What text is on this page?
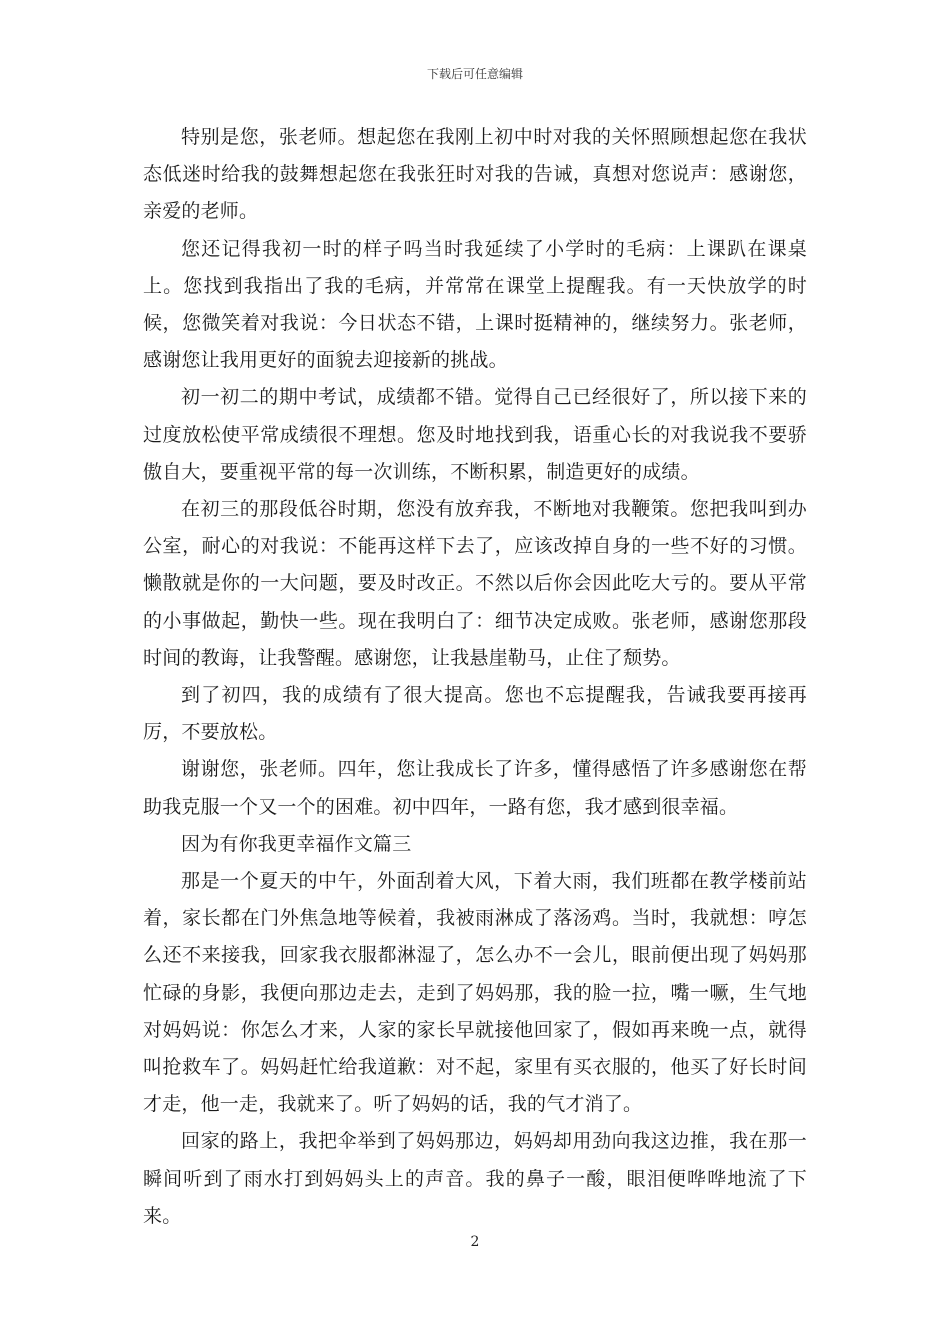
下载后可任意编辑

特别是您，张老师。想起您在我刚上初中时对我的关怀照顾想起您在我状态低迷时给我的鼓舞想起您在我张狂时对我的告诫，真想对您说声：感谢您，亲爱的老师。

您还记得我初一时的样子吗当时我延续了小学时的毛病：上课趴在课桌上。您找到我指出了我的毛病，并常常在课堂上提醒我。有一天快放学的时候，您微笑着对我说：今日状态不错，上课时挺精神的，继续努力。张老师，感谢您让我用更好的面貌去迎接新的挑战。

初一初二的期中考试，成绩都不错。觉得自己已经很好了，所以接下来的过度放松使平常成绩很不理想。您及时地找到我，语重心长的对我说我不要骄傲自大，要重视平常的每一次训练，不断积累，制造更好的成绩。

在初三的那段低谷时期，您没有放弃我，不断地对我鞭策。您把我叫到办公室，耐心的对我说：不能再这样下去了，应该改掉自身的一些不好的习惯。懒散就是你的一大问题，要及时改正。不然以后你会因此吃大亏的。要从平常的小事做起，勤快一些。现在我明白了：细节决定成败。张老师，感谢您那段时间的教诲，让我警醒。感谢您，让我悬崖勒马，止住了颓势。

到了初四，我的成绩有了很大提高。您也不忘提醒我，告诫我要再接再厉，不要放松。

谢谢您，张老师。四年，您让我成长了许多，懂得感悟了许多感谢您在帮助我克服一个又一个的困难。初中四年，一路有您，我才感到很幸福。

因为有你我更幸福作文篇三

那是一个夏天的中午，外面刮着大风，下着大雨，我们班都在教学楼前站着，家长都在门外焦急地等候着，我被雨淋成了落汤鸡。当时，我就想：哼怎么还不来接我，回家我衣服都淋湿了，怎么办不一会儿，眼前便出现了妈妈那忙碌的身影，我便向那边走去，走到了妈妈那，我的脸一拉，嘴一噘，生气地对妈妈说：你怎么才来，人家的家长早就接他回家了，假如再来晚一点，就得叫抢救车了。妈妈赶忙给我道歉：对不起，家里有买衣服的，他买了好长时间才走，他一走，我就来了。听了妈妈的话，我的气才消了。

回家的路上，我把伞举到了妈妈那边，妈妈却用劲向我这边推，我在那一瞬间听到了雨水打到妈妈头上的声音。我的鼻子一酸，眼泪便哗哗地流了下来。

2
